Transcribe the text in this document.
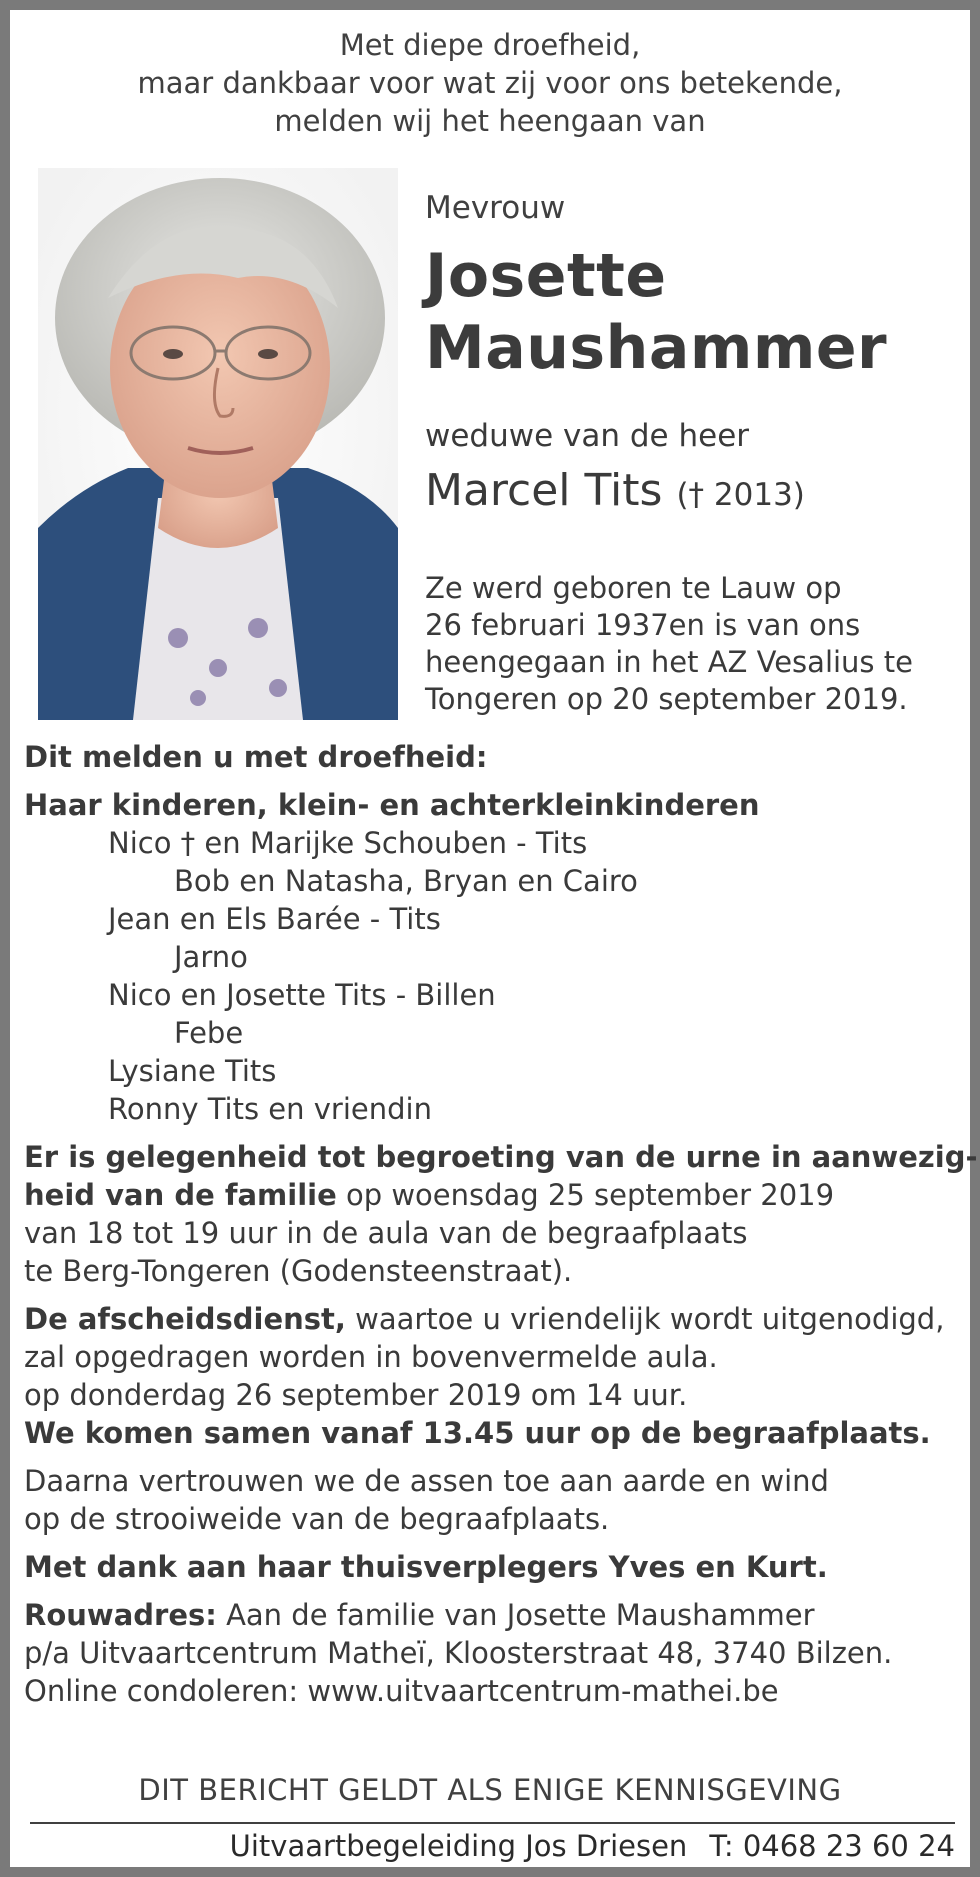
Met diepe droefheid,
maar dankbaar voor wat zij voor ons betekende,
melden wij het heengaan van
Mevrouw
Josette
Maushammer
weduwe van de heer
Marcel Tits († 2013)
Ze werd geboren te Lauw op
26 februari 1937en is van ons
heengegaan in het AZ Vesalius te
Tongeren op 20 september 2019.
Dit melden u met droefheid:
Haar kinderen, klein- en achterkleinkinderen
Nico † en Marijke Schouben - Tits
Bob en Natasha, Bryan en Cairo
Jean en Els Barée - Tits
Jarno
Nico en Josette Tits - Billen
Febe
Lysiane Tits
Ronny Tits en vriendin
Er is gelegenheid tot begroeting van de urne in aanwezig-
heid van de familie op woensdag 25 september 2019
van 18 tot 19 uur in de aula van de begraafplaats
te Berg-Tongeren (Godensteenstraat).
De afscheidsdienst, waartoe u vriendelijk wordt uitgenodigd,
zal opgedragen worden in bovenvermelde aula.
op donderdag 26 september 2019 om 14 uur.
We komen samen vanaf 13.45 uur op de begraafplaats.
Daarna vertrouwen we de assen toe aan aarde en wind
op de strooiweide van de begraafplaats.
Met dank aan haar thuisverplegers Yves en Kurt.
Rouwadres: Aan de familie van Josette Maushammer
p/a Uitvaartcentrum Matheï, Kloosterstraat 48, 3740 Bilzen.
Online condoleren: www.uitvaartcentrum-mathei.be
DIT BERICHT GELDT ALS ENIGE KENNISGEVING
Uitvaartbegeleiding Jos Driesen T: 0468 23 60 24
